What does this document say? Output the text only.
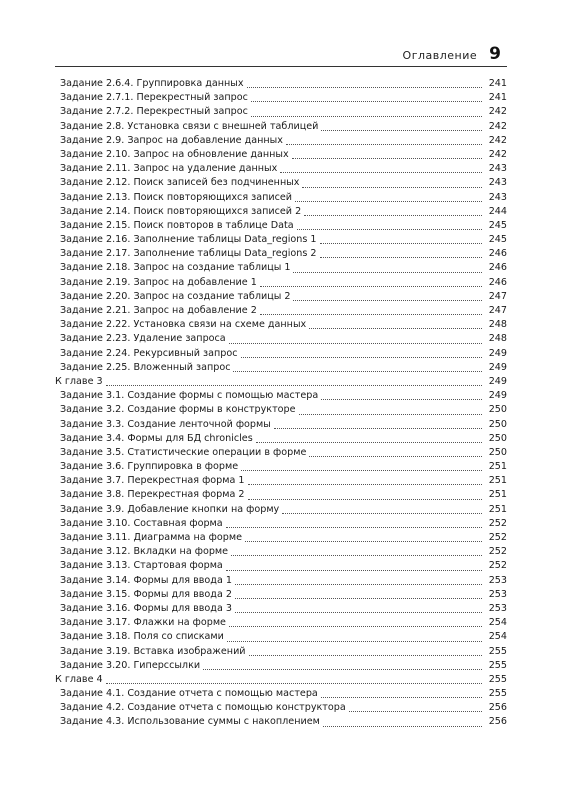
Оглавление 9
Задание 2.6.4. Группировка данных	241
Задание 2.7.1. Перекрестный запрос	241
Задание 2.7.2. Перекрестный запрос	242
Задание 2.8. Установка связи с внешней таблицей	242
Задание 2.9. Запрос на добавление данных	242
Задание 2.10. Запрос на обновление данных	242
Задание 2.11. Запрос на удаление данных	243
Задание 2.12. Поиск записей без подчиненных	243
Задание 2.13. Поиск повторяющихся записей	243
Задание 2.14. Поиск повторяющихся записей 2	244
Задание 2.15. Поиск повторов в таблице Data	245
Задание 2.16. Заполнение таблицы Data_regions 1	245
Задание 2.17. Заполнение таблицы Data_regions 2	246
Задание 2.18. Запрос на создание таблицы 1	246
Задание 2.19. Запрос на добавление 1	246
Задание 2.20. Запрос на создание таблицы 2	247
Задание 2.21. Запрос на добавление 2	247
Задание 2.22. Установка связи на схеме данных	248
Задание 2.23. Удаление запроса	248
Задание 2.24. Рекурсивный запрос	249
Задание 2.25. Вложенный запрос	249
К главе 3	249
Задание 3.1. Создание формы с помощью мастера	249
Задание 3.2. Создание формы в конструкторе	250
Задание 3.3. Создание ленточной формы	250
Задание 3.4. Формы для БД chronicles	250
Задание 3.5. Статистические операции в форме	250
Задание 3.6. Группировка в форме	251
Задание 3.7. Перекрестная форма 1	251
Задание 3.8. Перекрестная форма 2	251
Задание 3.9. Добавление кнопки на форму	251
Задание 3.10. Составная форма	252
Задание 3.11. Диаграмма на форме	252
Задание 3.12. Вкладки на форме	252
Задание 3.13. Стартовая форма	252
Задание 3.14. Формы для ввода 1	253
Задание 3.15. Формы для ввода 2	253
Задание 3.16. Формы для ввода 3	253
Задание 3.17. Флажки на форме	254
Задание 3.18. Поля со списками	254
Задание 3.19. Вставка изображений	255
Задание 3.20. Гиперссылки	255
К главе 4	255
Задание 4.1. Создание отчета с помощью мастера	255
Задание 4.2. Создание отчета с помощью конструктора	256
Задание 4.3. Использование суммы с накоплением	256
